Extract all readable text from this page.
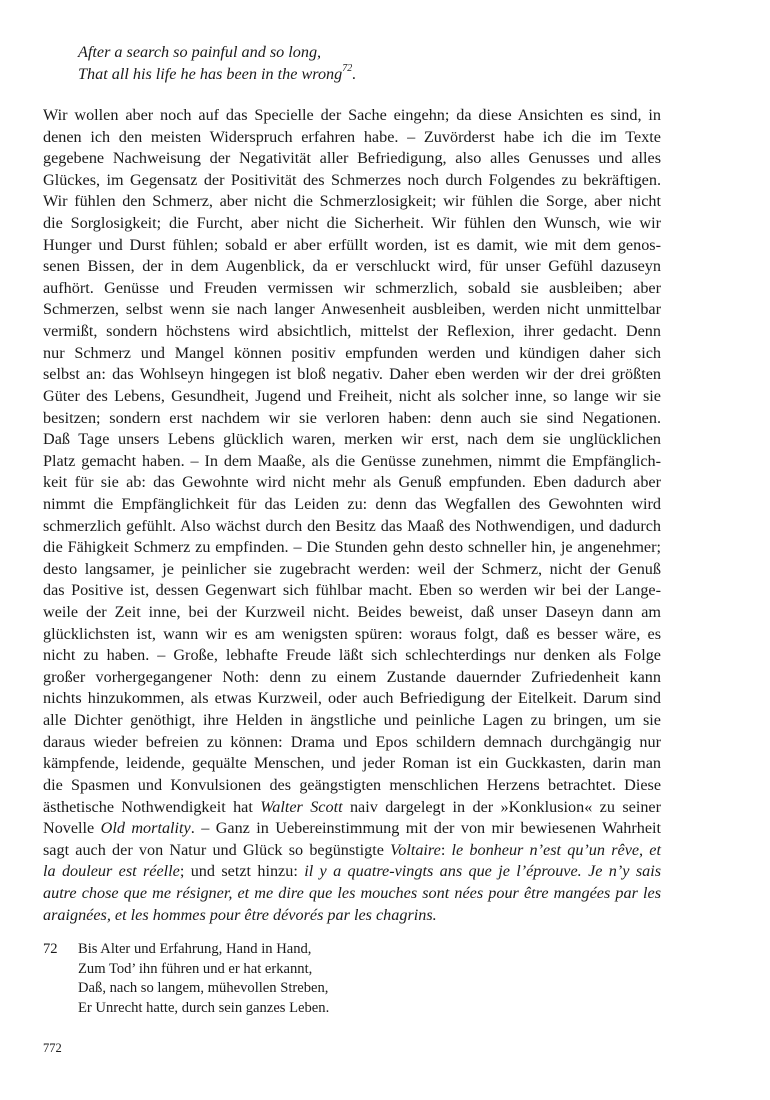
After a search so painful and so long,
That all his life he has been in the wrong$^{72}$.
Wir wollen aber noch auf das Specielle der Sache eingehn; da diese Ansichten es sind, in
denen ich den meisten Widerspruch erfahren habe. – Zuvörderst habe ich die im Texte
gegebene Nachweisung der Negativität aller Befriedigung, also alles Genusses und alles
Glückes, im Gegensatz der Positivität des Schmerzes noch durch Folgendes zu bekräftigen.
Wir fühlen den Schmerz, aber nicht die Schmerzlosigkeit; wir fühlen die Sorge, aber nicht
die Sorglosigkeit; die Furcht, aber nicht die Sicherheit. Wir fühlen den Wunsch, wie wir
Hunger und Durst fühlen; sobald er aber erfüllt worden, ist es damit, wie mit dem genos-
senen Bissen, der in dem Augenblick, da er verschluckt wird, für unser Gefühl dazuseyn
aufhört. Genüsse und Freuden vermissen wir schmerzlich, sobald sie ausbleiben; aber
Schmerzen, selbst wenn sie nach langer Anwesenheit ausbleiben, werden nicht unmittelbar
vermißt, sondern höchstens wird absichtlich, mittelst der Reflexion, ihrer gedacht. Denn
nur Schmerz und Mangel können positiv empfunden werden und kündigen daher sich
selbst an: das Wohlseyn hingegen ist bloß negativ. Daher eben werden wir der drei größten
Güter des Lebens, Gesundheit, Jugend und Freiheit, nicht als solcher inne, so lange wir sie
besitzen; sondern erst nachdem wir sie verloren haben: denn auch sie sind Negationen.
Daß Tage unsers Lebens glücklich waren, merken wir erst, nach dem sie unglücklichen
Platz gemacht haben. – In dem Maaße, als die Genüsse zunehmen, nimmt die Empfänglich-
keit für sie ab: das Gewohnte wird nicht mehr als Genuß empfunden. Eben dadurch aber
nimmt die Empfänglichkeit für das Leiden zu: denn das Wegfallen des Gewohnten wird
schmerzlich gefühlt. Also wächst durch den Besitz das Maaß des Nothwendigen, und dadurch
die Fähigkeit Schmerz zu empfinden. – Die Stunden gehn desto schneller hin, je angenehmer;
desto langsamer, je peinlicher sie zugebracht werden: weil der Schmerz, nicht der Genuß
das Positive ist, dessen Gegenwart sich fühlbar macht. Eben so werden wir bei der Lange-
weile der Zeit inne, bei der Kurzweil nicht. Beides beweist, daß unser Daseyn dann am
glücklichsten ist, wann wir es am wenigsten spüren: woraus folgt, daß es besser wäre, es
nicht zu haben. – Große, lebhafte Freude läßt sich schlechterdings nur denken als Folge
großer vorhergegangener Noth: denn zu einem Zustande dauernder Zufriedenheit kann
nichts hinzukommen, als etwas Kurzweil, oder auch Befriedigung der Eitelkeit. Darum sind
alle Dichter genöthigt, ihre Helden in ängstliche und peinliche Lagen zu bringen, um sie
daraus wieder befreien zu können: Drama und Epos schildern demnach durchgängig nur
kämpfende, leidende, gequälte Menschen, und jeder Roman ist ein Guckkasten, darin man
die Spasmen und Konvulsionen des geängstigten menschlichen Herzens betrachtet. Diese
ästhetische Nothwendigkeit hat Walter Scott naiv dargelegt in der »Konklusion« zu seiner
Novelle Old mortality. – Ganz in Uebereinstimmung mit der von mir bewiesenen Wahrheit
sagt auch der von Natur und Glück so begünstigte Voltaire: le bonheur n’est qu’un rêve, et
la douleur est réelle; und setzt hinzu: il y a quatre-vingts ans que je l’éprouve. Je n’y sais
autre chose que me résigner, et me dire que les mouches sont nées pour être mangées par les
araignées, et les hommes pour être dévorés par les chagrins.
72 Bis Alter und Erfahrung, Hand in Hand,
Zum Tod’ ihn führen und er hat erkannt,
Daß, nach so langem, mühevollen Streben,
Er Unrecht hatte, durch sein ganzes Leben.
772
